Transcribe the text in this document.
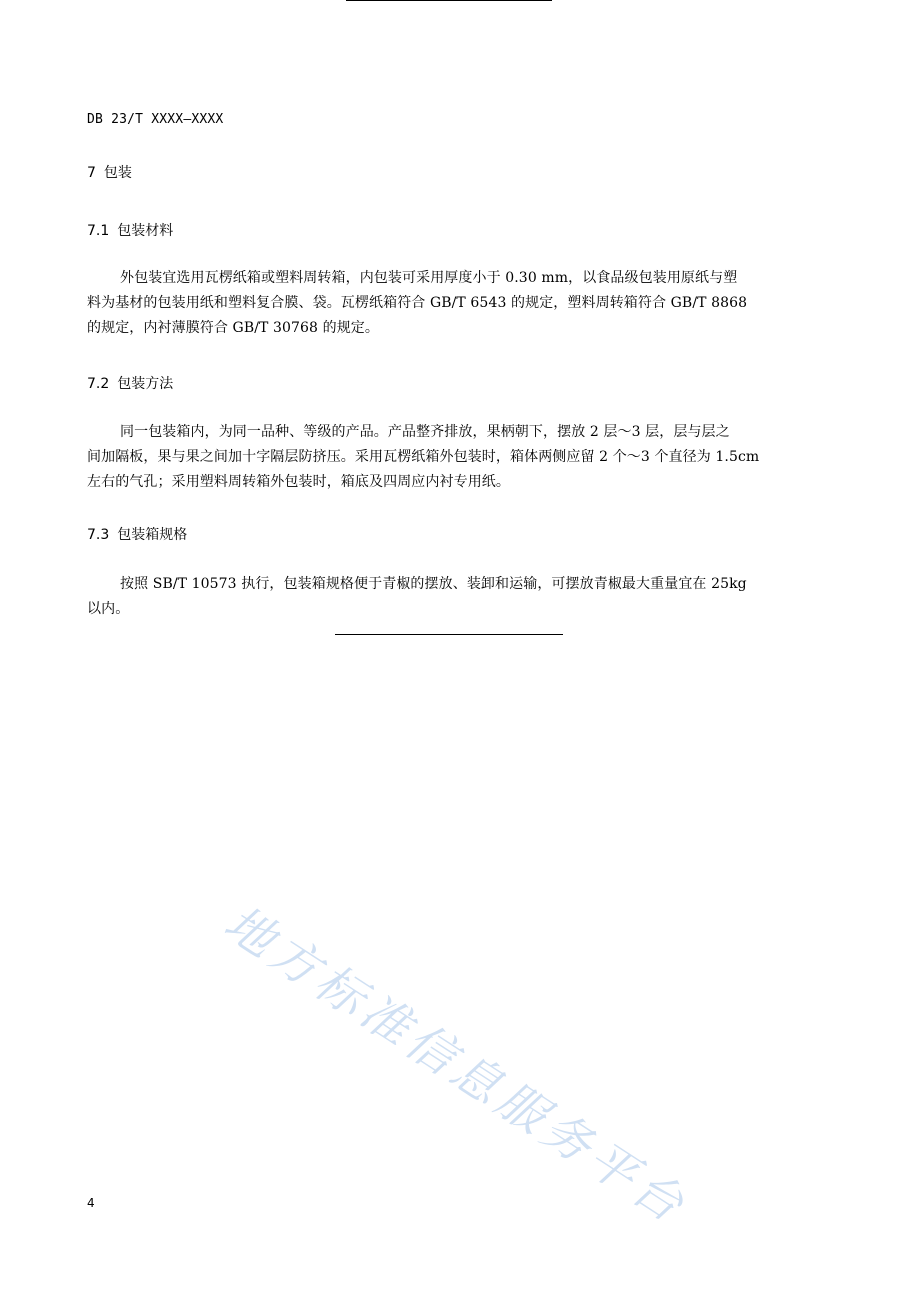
DB 23/T XXXX—XXXX
7 包装
7.1 包装材料
外包装宜选用瓦楞纸箱或塑料周转箱，内包装可采用厚度小于 0.30 mm，以食品级包装用原纸与塑
料为基材的包装用纸和塑料复合膜、袋。瓦楞纸箱符合 GB/T 6543 的规定，塑料周转箱符合 GB/T 8868
的规定，内衬薄膜符合 GB/T 30768 的规定。
7.2 包装方法
同一包装箱内，为同一品种、等级的产品。产品整齐排放，果柄朝下，摆放 2 层～3 层，层与层之
间加隔板，果与果之间加十字隔层防挤压。采用瓦楞纸箱外包装时，箱体两侧应留 2 个～3 个直径为 1.5cm
左右的气孔；采用塑料周转箱外包装时，箱底及四周应内衬专用纸。
7.3 包装箱规格
按照 SB/T 10573 执行，包装箱规格便于青椒的摆放、装卸和运输，可摆放青椒最大重量宜在 25kg
以内。
地方标准信息服务平台
4
